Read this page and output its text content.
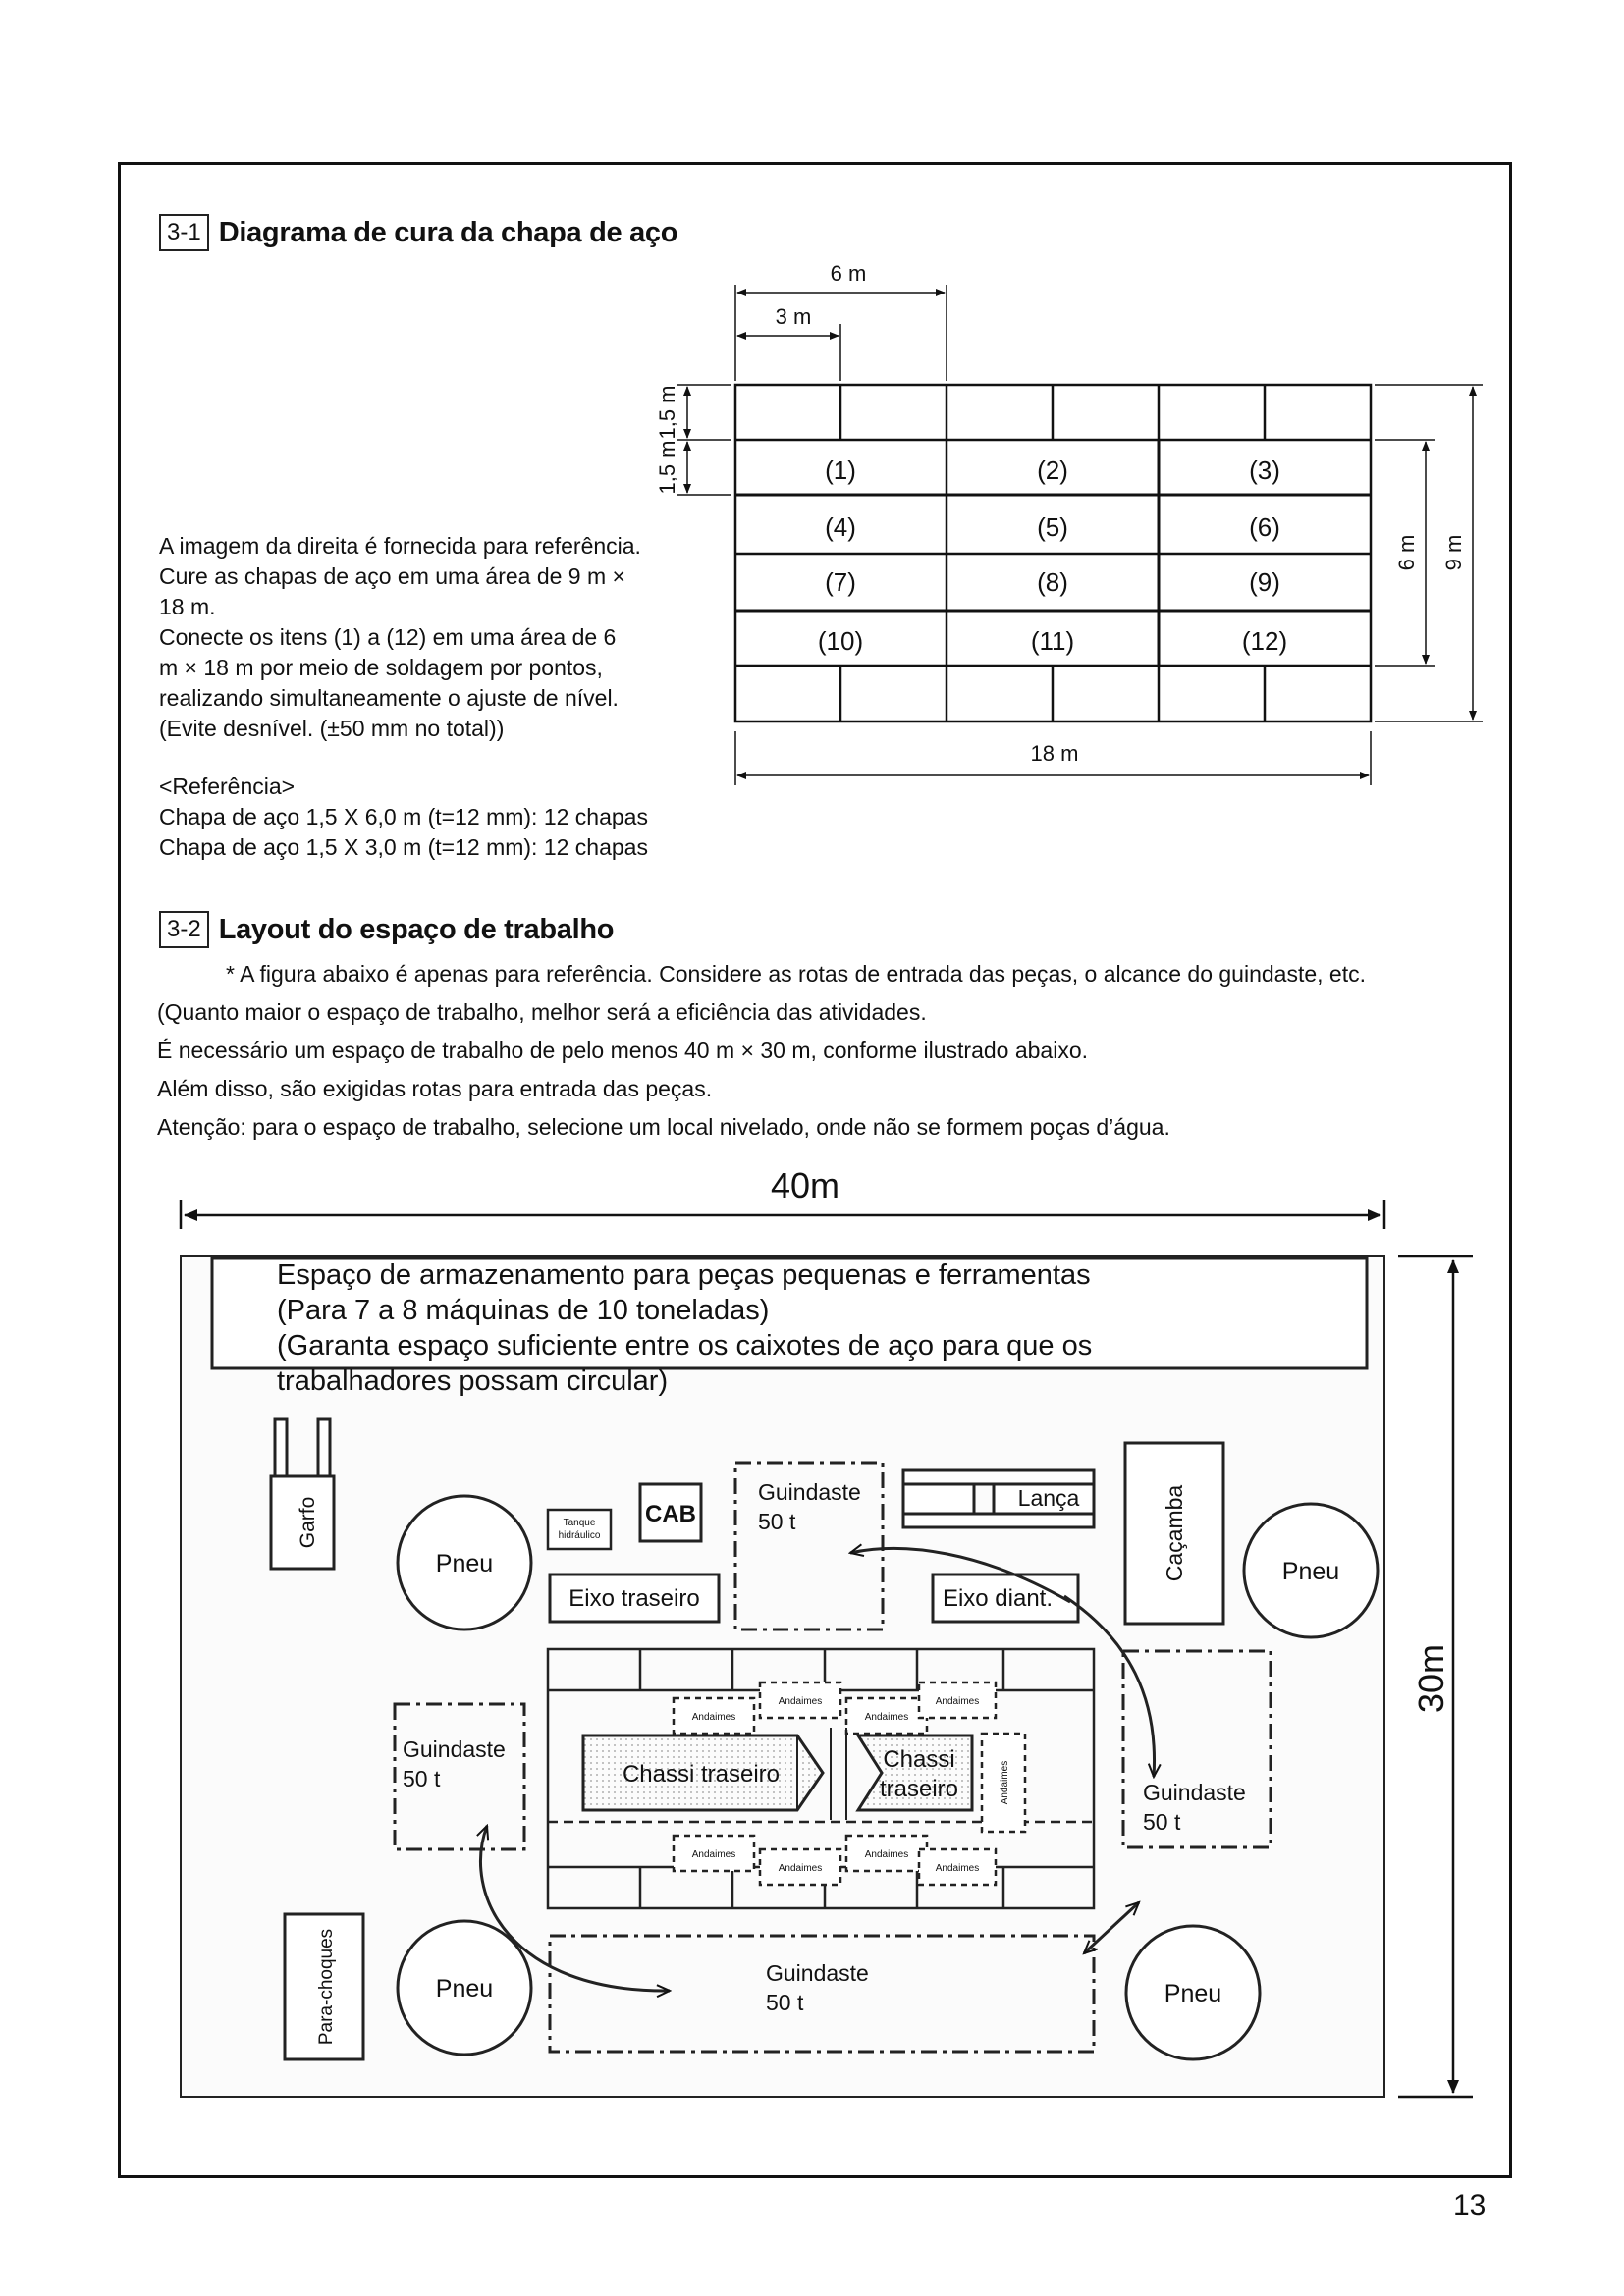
3-1 Diagrama de cura da chapa de aço
A imagem da direita é fornecida para referência.
Cure as chapas de aço em uma área de 9 m ×
18 m.
Conecte os itens (1) a (12) em uma área de 6
m × 18 m por meio de soldagem por pontos,
realizando simultaneamente o ajuste de nível.
(Evite desnível. (±50 mm no total))
<Referência>
Chapa de aço 1,5 X 6,0 m (t=12 mm): 12 chapas
Chapa de aço 1,5 X 3,0 m (t=12 mm): 12 chapas
6 m
3 m
18 m
1,5 m
1,5 m
6 m 9 m
(1)	(2)	(3)
(4)	(5)	(6)
(7)	(8)	(9)
(10)	(11)	(12)
3-2 Layout do espaço de trabalho

* A figura abaixo é apenas para referência. Considere as rotas de entrada das peças, o alcance do guindaste, etc.

(Quanto maior o espaço de trabalho, melhor será a eficiência das atividades.

É necessário um espaço de trabalho de pelo menos 40 m × 30 m, conforme ilustrado abaixo.

Além disso, são exigidas rotas para entrada das peças.

Atenção: para o espaço de trabalho, selecione um local nivelado, onde não se formem poças d’água.

40m
30m
Espaço de armazenamento para peças pequenas e ferramentas
(Para 7 a 8 máquinas de 10 toneladas)
(Garanta espaço suficiente entre os caixotes de aço para que os
trabalhadores possam circular)
Garfo
Pneu	Pneu
Pneu	Pneu
Tanque
hidráulico
CAB
Eixo traseiro
Guindaste
50 t
Lança
Eixo diant.
Caçamba
Andaimes
Andaimes
Andaimes
Andaimes
Andaimes
Andaimes
Andaimes
Andaimes
Andaimes
Chassi traseiro
Chassi
traseiro
Guindaste
50 t
Guindaste
50 t
Guindaste
50 t
Para-choques
13
